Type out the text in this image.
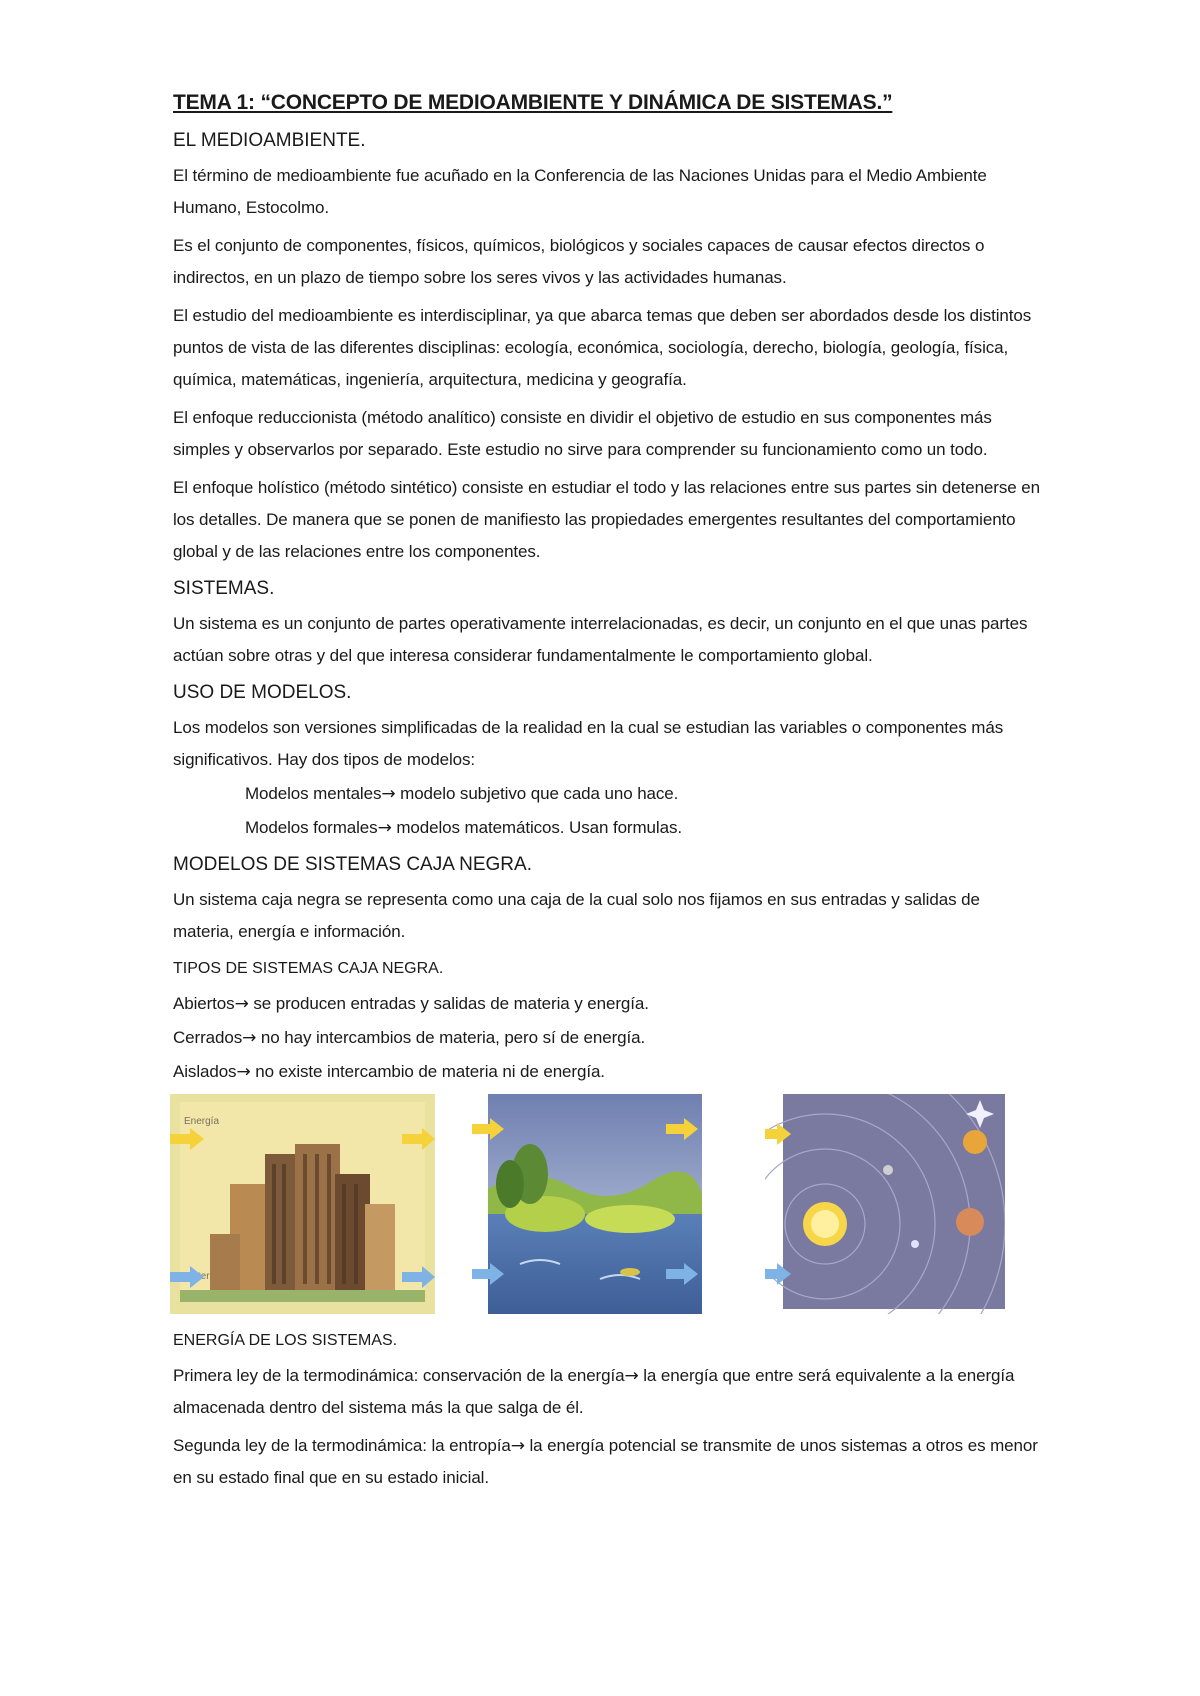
TEMA 1: “CONCEPTO DE MEDIOAMBIENTE Y DINÁMICA DE SISTEMAS.”
EL MEDIOAMBIENTE.

El término de medioambiente fue acuñado en la Conferencia de las Naciones Unidas para el Medio Ambiente Humano, Estocolmo.

Es el conjunto de componentes, físicos, químicos, biológicos y sociales capaces de causar efectos directos o indirectos, en un plazo de tiempo sobre los seres vivos y las actividades humanas.

El estudio del medioambiente es interdisciplinar, ya que abarca temas que deben ser abordados desde los distintos puntos de vista de las diferentes disciplinas: ecología, económica, sociología, derecho, biología, geología, física, química, matemáticas, ingeniería, arquitectura, medicina y geografía.

El enfoque reduccionista (método analítico) consiste en dividir el objetivo de estudio en sus componentes más simples y observarlos por separado. Este estudio no sirve para comprender su funcionamiento como un todo.

El enfoque holístico (método sintético) consiste en estudiar el todo y las relaciones entre sus partes sin detenerse en los detalles. De manera que se ponen de manifiesto las propiedades emergentes resultantes del comportamiento global y de las relaciones entre los componentes.

SISTEMAS.

Un sistema es un conjunto de partes operativamente interrelacionadas, es decir, un conjunto en el que unas partes actúan sobre otras y del que interesa considerar fundamentalmente le comportamiento global.

USO DE MODELOS.

Los modelos son versiones simplificadas de la realidad en la cual se estudian las variables o componentes más significativos. Hay dos tipos de modelos:

Modelos mentales→ modelo subjetivo que cada uno hace.

Modelos formales→ modelos matemáticos. Usan formulas.

MODELOS DE SISTEMAS CAJA NEGRA.

Un sistema caja negra se representa como una caja de la cual solo nos fijamos en sus entradas y salidas de materia, energía e información.

TIPOS DE SISTEMAS CAJA NEGRA.

Abiertos→ se producen entradas y salidas de materia y energía.

Cerrados→ no hay intercambios de materia, pero sí de energía.

Aislados→ no existe intercambio de materia ni de energía.

Energía
ENERGÍA DE LOS SISTEMAS.

Primera ley de la termodinámica: conservación de la energía→ la energía que entre será equivalente a la energía almacenada dentro del sistema más la que salga de él.

Segunda ley de la termodinámica: la entropía→ la energía potencial se transmite de unos sistemas a otros es menor en su estado final que en su estado inicial.
